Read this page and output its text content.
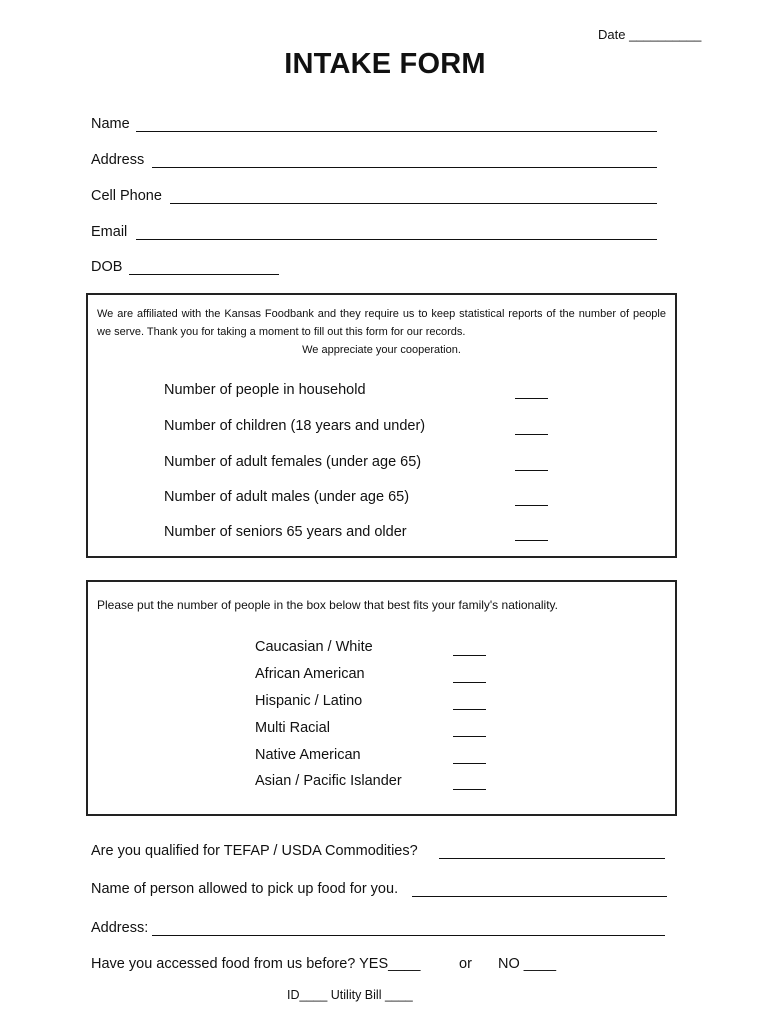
Date __________
INTAKE FORM
Name
Address
Cell Phone
Email
DOB
We are affiliated with the Kansas Foodbank and they require us to keep statistical reports of the number of people we serve. Thank you for taking a moment to fill out this form for our records.
We appreciate your cooperation.
Number of people in household
Number of children (18 years and under)
Number of adult females (under age 65)
Number of adult males (under age 65)
Number of seniors 65 years and older
Please put the number of people in the box below that best fits your family's nationality.
Caucasian / White
African American
Hispanic / Latino
Multi Racial
Native American
Asian / Pacific Islander
Are you qualified for TEFAP / USDA Commodities?
Name of person allowed to pick up food for you.
Address:
Have you accessed food from us before? YES____	or NO ____
ID____ Utility Bill ____
